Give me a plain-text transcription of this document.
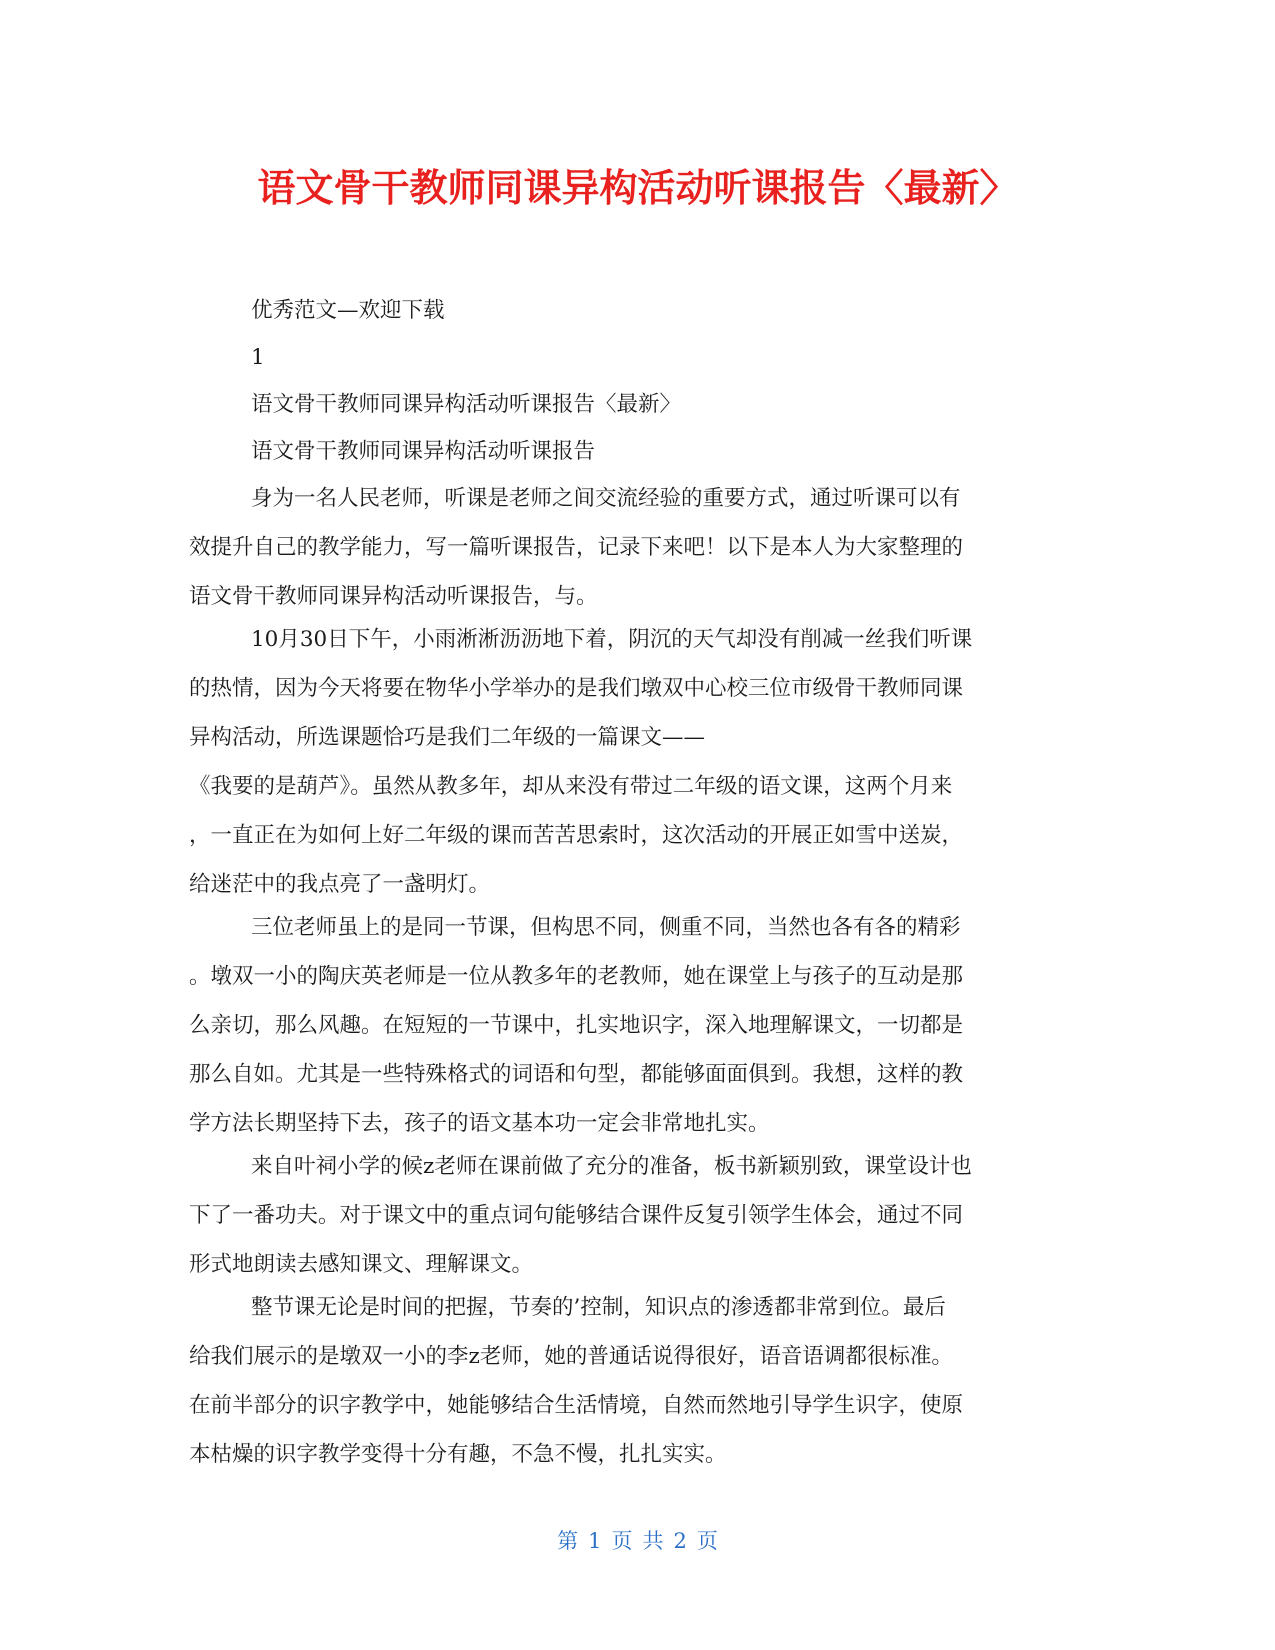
语文骨干教师同课异构活动听课报告〈最新〉

优秀范文—欢迎下载

1

语文骨干教师同课异构活动听课报告〈最新〉

语文骨干教师同课异构活动听课报告

身为一名人民老师，听课是老师之间交流经验的重要方式，通过听课可以有

效提升自己的教学能力，写一篇听课报告，记录下来吧！以下是本人为大家整理的

语文骨干教师同课异构活动听课报告，与。

10月30日下午，小雨淅淅沥沥地下着，阴沉的天气却没有削减一丝我们听课

的热情，因为今天将要在物华小学举办的是我们墩双中心校三位市级骨干教师同课

异构活动，所选课题恰巧是我们二年级的一篇课文——

《我要的是葫芦》。虽然从教多年，却从来没有带过二年级的语文课，这两个月来

，一直正在为如何上好二年级的课而苦苦思索时，这次活动的开展正如雪中送炭，

给迷茫中的我点亮了一盏明灯。

三位老师虽上的是同一节课，但构思不同，侧重不同，当然也各有各的精彩

。墩双一小的陶庆英老师是一位从教多年的老教师，她在课堂上与孩子的互动是那

么亲切，那么风趣。在短短的一节课中，扎实地识字，深入地理解课文，一切都是

那么自如。尤其是一些特殊格式的词语和句型，都能够面面俱到。我想，这样的教

学方法长期坚持下去，孩子的语文基本功一定会非常地扎实。

来自叶祠小学的候z老师在课前做了充分的准备，板书新颖别致，课堂设计也

下了一番功夫。对于课文中的重点词句能够结合课件反复引领学生体会，通过不同

形式地朗读去感知课文、理解课文。

整节课无论是时间的把握，节奏的’控制，知识点的渗透都非常到位。最后

给我们展示的是墩双一小的李z老师，她的普通话说得很好，语音语调都很标准。

在前半部分的识字教学中，她能够结合生活情境，自然而然地引导学生识字，使原

本枯燥的识字教学变得十分有趣，不急不慢，扎扎实实。

第 1 页 共 2 页
